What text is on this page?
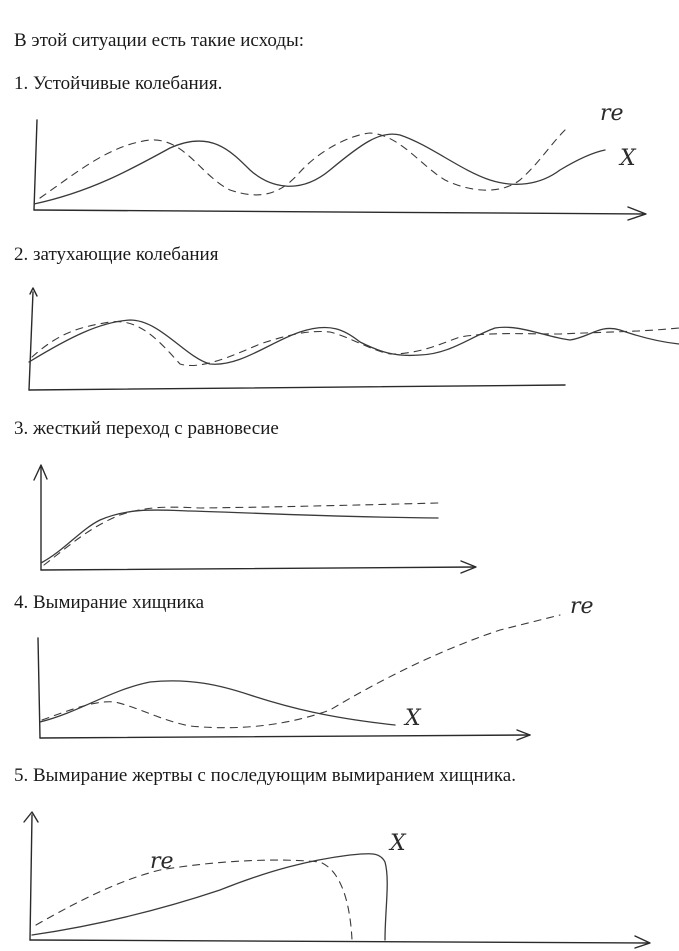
В этой ситуации есть такие исходы:

1. Устойчивые колебания.

re
X

2. затухающие колебания

3. жесткий переход с равновесие

4. Вымирание хищника	re
X

5. Вымирание жертвы с последующим вымиранием хищника.

re
X
